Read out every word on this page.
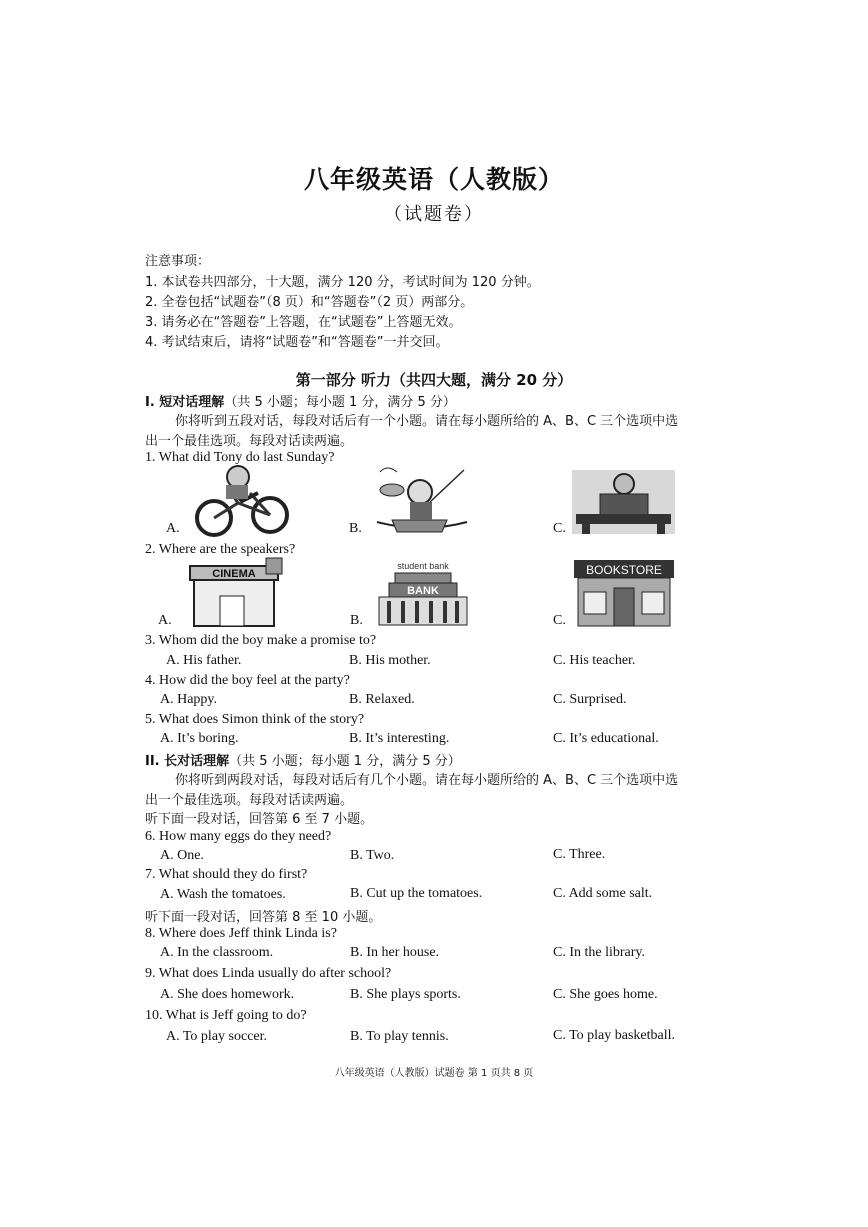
八年级英语（人教版）
（试题卷）
注意事项：
1. 本试卷共四部分，十大题，满分 120 分，考试时间为 120 分钟。
2. 全卷包括“试题卷”（8 页）和“答题卷”（2 页）两部分。
3. 请务必在“答题卷”上答题，在“试题卷”上答题无效。
4. 考试结束后，请将“试题卷”和“答题卷”一并交回。
第一部分 听力（共四大题，满分 20 分）
I. 短对话理解（共 5 小题；每小题 1 分，满分 5 分）
你将听到五段对话，每段对话后有一个小题。请在每小题所给的 A、B、C 三个选项中选
出一个最佳选项。每段对话读两遍。
1. What did Tony do last Sunday?
A.	B.	C.
2. Where are the speakers?
A.	B.	C.
CINEMA
student bank
BANK
BOOKSTORE
3. Whom did the boy make a promise to?
A. His father.	B. His mother.	C. His teacher.
4. How did the boy feel at the party?
A. Happy.	B. Relaxed.	C. Surprised.
5. What does Simon think of the story?
A. It’s boring.	B. It’s interesting.	C. It’s educational.
II. 长对话理解（共 5 小题；每小题 1 分，满分 5 分）
你将听到两段对话，每段对话后有几个小题。请在每小题所给的 A、B、C 三个选项中选
出一个最佳选项。每段对话读两遍。
听下面一段对话，回答第 6 至 7 小题。
6. How many eggs do they need?
A. One.	B. Two.	C. Three.
7. What should they do first?
A. Wash the tomatoes.	B. Cut up the tomatoes.	C. Add some salt.
听下面一段对话，回答第 8 至 10 小题。
8. Where does Jeff think Linda is?
A. In the classroom.	B. In her house.	C. In the library.
9. What does Linda usually do after school?
A. She does homework.	B. She plays sports.	C. She goes home.
10. What is Jeff going to do?
A. To play soccer.	B. To play tennis.	C. To play basketball.
八年级英语（人教版）试题卷 第 1 页共 8 页
